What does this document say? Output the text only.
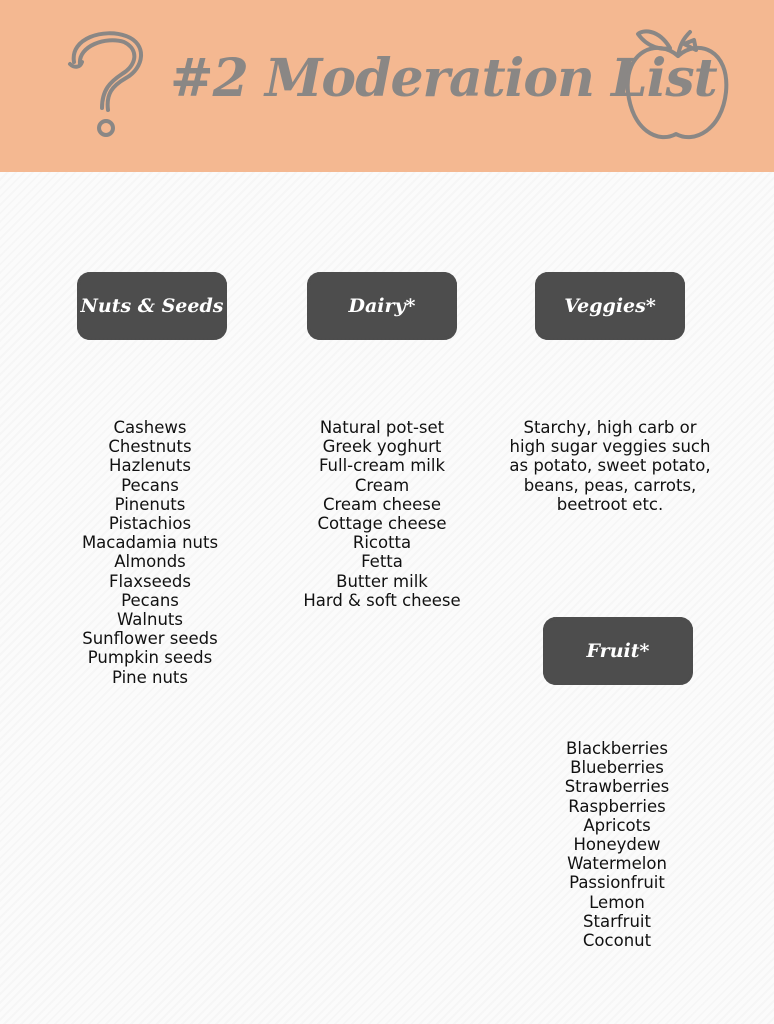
#2 Moderation List
Nuts & Seeds	Dairy*	Veggies*
Fruit*
Cashews
Chestnuts
Hazlenuts
Pecans
Pinenuts
Pistachios
Macadamia nuts
Almonds
Flaxseeds
Pecans
Walnuts
Sunflower seeds
Pumpkin seeds
Pine nuts
Natural pot-set
Greek yoghurt
Full-cream milk
Cream
Cream cheese
Cottage cheese
Ricotta
Fetta
Butter milk
Hard & soft cheese
Starchy, high carb or high sugar veggies such as potato, sweet potato, beans, peas, carrots, beetroot etc.
Blackberries
Blueberries
Strawberries
Raspberries
Apricots
Honeydew
Watermelon
Passionfruit
Lemon
Starfruit
Coconut
